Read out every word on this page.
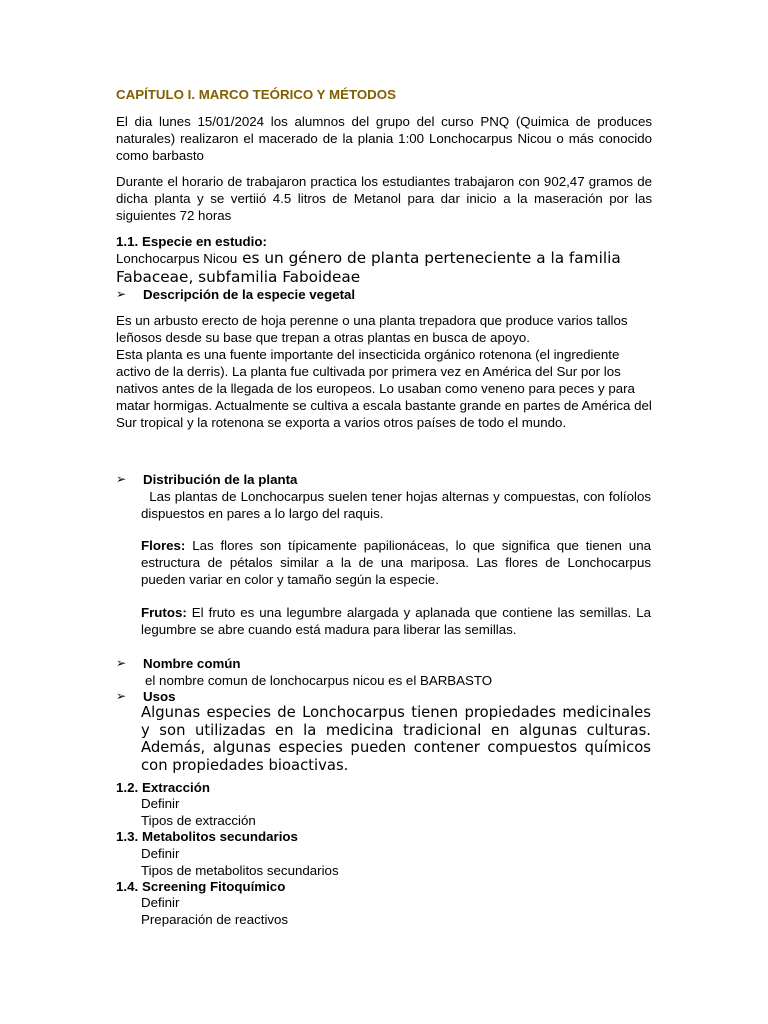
CAPÍTULO I. MARCO TEÓRICO Y MÉTODOS

El dia lunes 15/01/2024 los alumnos del grupo del curso PNQ (Quimica de produces naturales) realizaron el macerado de la plania 1:00 Lonchocarpus Nicou o más conocido como barbasto

Durante el horario de trabajaron practica los estudiantes trabajaron con 902,47 gramos de dicha planta y se vertiió 4.5 litros de Metanol para dar inicio a la maseración por las siguientes 72 horas

1.1. Especie en estudio:
Lonchocarpus Nicou es un género de planta perteneciente a la familia
Fabaceae, subfamilia Faboideae
➢ Descripción de la especie vegetal

Es un arbusto erecto de hoja perenne o una planta trepadora que produce varios tallos leñosos desde su base que trepan a otras plantas en busca de apoyo.

Esta planta es una fuente importante del insecticida orgánico rotenona (el ingrediente activo de la derris). La planta fue cultivada por primera vez en América del Sur por los nativos antes de la llegada de los europeos. Lo usaban como veneno para peces y para matar hormigas. Actualmente se cultiva a escala bastante grande en partes de América del Sur tropical y la rotenona se exporta a varios otros países de todo el mundo.

➢ Distribución de la planta

Las plantas de Lonchocarpus suelen tener hojas alternas y compuestas, con folíolos dispuestos en pares a lo largo del raquis.

Flores: Las flores son típicamente papilionáceas, lo que significa que tienen una estructura de pétalos similar a la de una mariposa. Las flores de Lonchocarpus pueden variar en color y tamaño según la especie.

Frutos: El fruto es una legumbre alargada y aplanada que contiene las semillas. La legumbre se abre cuando está madura para liberar las semillas.

➢ Nombre común
el nombre comun de lonchocarpus nicou es el BARBASTO
➢ Usos

Algunas especies de Lonchocarpus tienen propiedades medicinales y son utilizadas en la medicina tradicional en algunas culturas. Además, algunas especies pueden contener compuestos químicos con propiedades bioactivas.

1.2. Extracción
Definir
Tipos de extracción
1.3. Metabolitos secundarios
Definir
Tipos de metabolitos secundarios
1.4. Screening Fitoquímico
Definir
Preparación de reactivos
